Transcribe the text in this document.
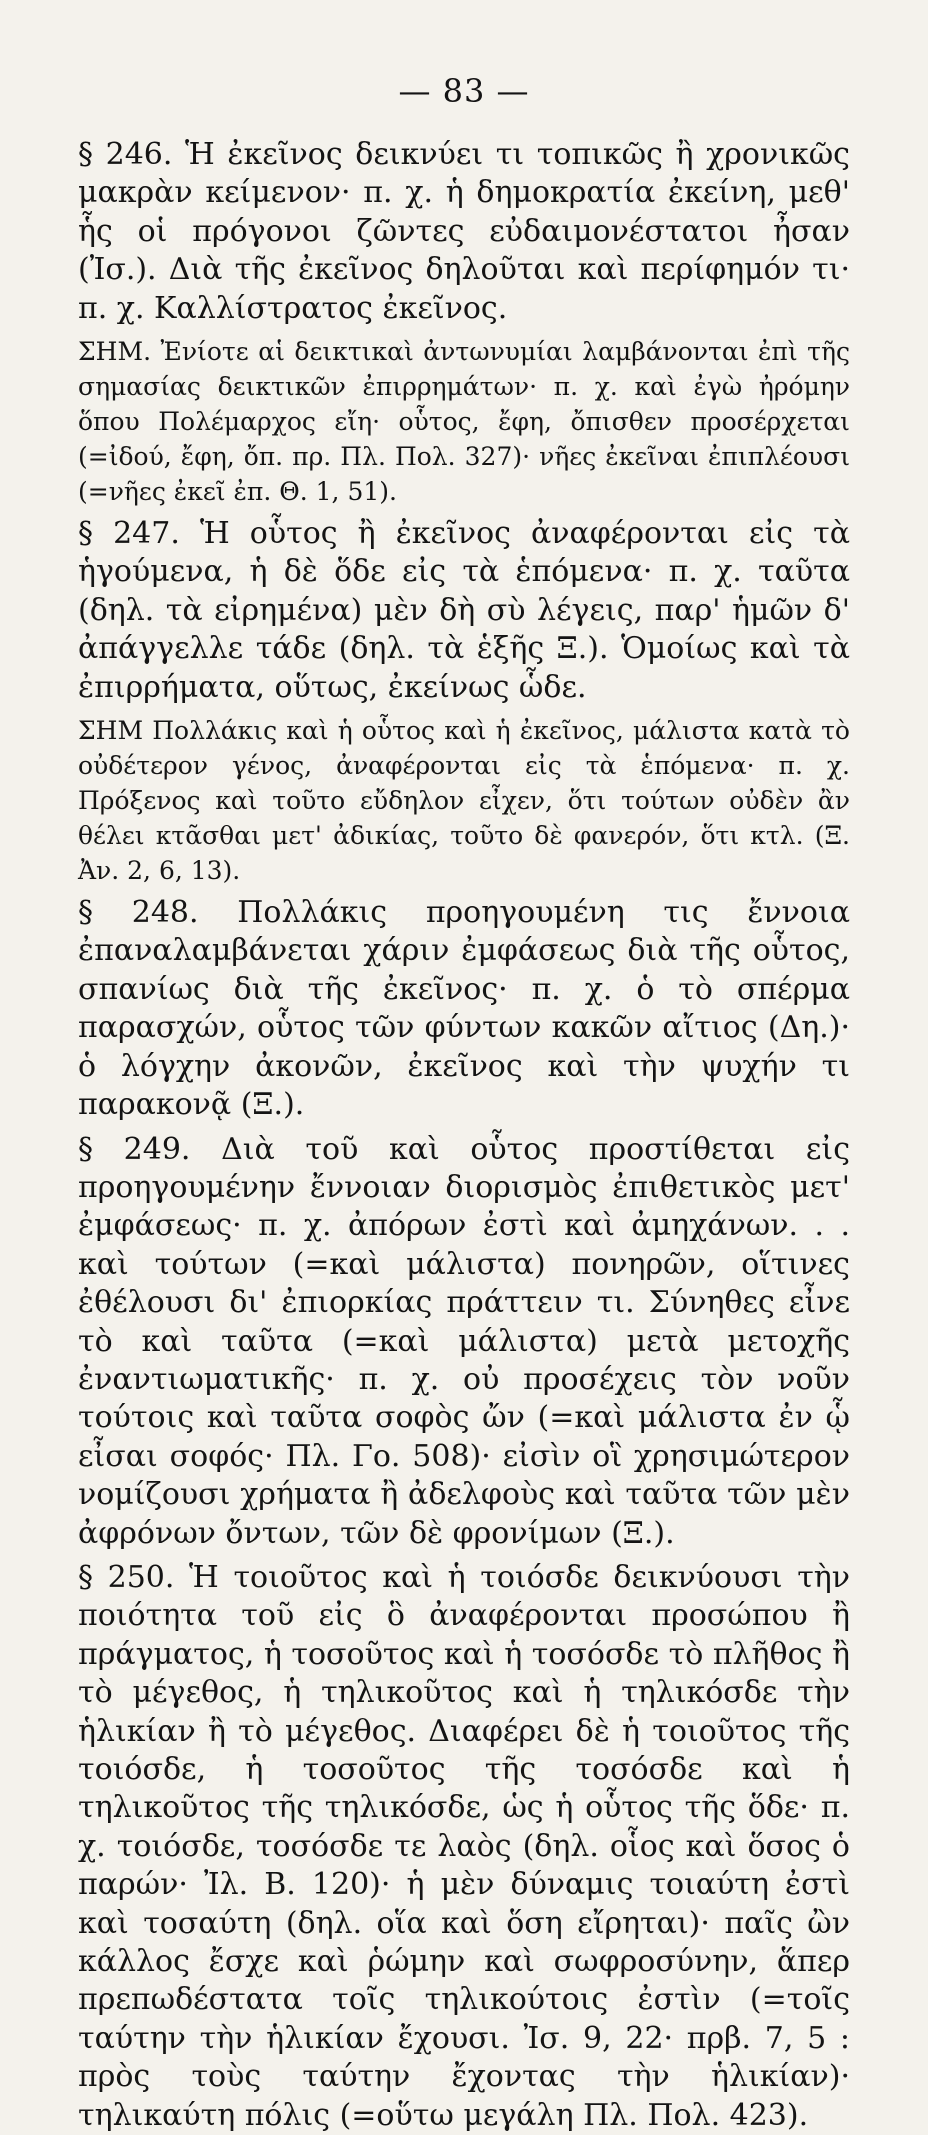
— 83 —

§ 246. Ἡ ἐκεῖνος δεικνύει τι τοπικῶς ἢ χρονικῶς μακρὰν κείμενον· π. χ. ἡ δημοκρατία ἐκείνη, μεθ' ἧς οἱ πρόγονοι ζῶντες εὐδαιμονέστατοι ἦσαν (Ἰσ.). Διὰ τῆς ἐκεῖνος δηλοῦται καὶ περίφημόν τι· π. χ. Καλλίστρατος ἐκεῖνος.

ΣΗΜ. Ἐνίοτε αἱ δεικτικαὶ ἀντωνυμίαι λαμβάνονται ἐπὶ τῆς σημασίας δεικτικῶν ἐπιρρημάτων· π. χ. καὶ ἐγὼ ἠρόμην ὅπου Πολέμαρχος εἴη· οὗτος, ἔφη, ὄπισθεν προσέρχεται (=ἰδού, ἔφη, ὄπ. πρ. Πλ. Πολ. 327)· νῆες ἐκεῖναι ἐπιπλέουσι (=νῆες ἐκεῖ ἐπ. Θ. 1, 51).

§ 247. Ἡ οὗτος ἢ ἐκεῖνος ἀναφέρονται εἰς τὰ ἡγούμενα, ἡ δὲ ὅδε εἰς τὰ ἑπόμενα· π. χ. ταῦτα (δηλ. τὰ εἰρημένα) μὲν δὴ σὺ λέγεις, παρ' ἡμῶν δ' ἀπάγγελλε τάδε (δηλ. τὰ ἑξῆς Ξ.). Ὁμοίως καὶ τὰ ἐπιρρήματα, οὕτως, ἐκείνως ὧδε.

ΣΗΜ Πολλάκις καὶ ἡ οὗτος καὶ ἡ ἐκεῖνος, μάλιστα κατὰ τὸ οὐδέτερον γένος, ἀναφέρονται εἰς τὰ ἑπόμενα· π. χ. Πρόξενος καὶ τοῦτο εὔδηλον εἶχεν, ὅτι τούτων οὐδὲν ἂν θέλει κτᾶσθαι μετ' ἀδικίας, τοῦτο δὲ φανερόν, ὅτι κτλ. (Ξ. Ἀν. 2, 6, 13).

§ 248. Πολλάκις προηγουμένη τις ἔννοια ἐπαναλαμβάνεται χάριν ἐμφάσεως διὰ τῆς οὗτος, σπανίως διὰ τῆς ἐκεῖνος· π. χ. ὁ τὸ σπέρμα παρασχών, οὗτος τῶν φύντων κακῶν αἴτιος (Δη.)· ὁ λόγχην ἀκονῶν, ἐκεῖνος καὶ τὴν ψυχήν τι παρακονᾷ (Ξ.).

§ 249. Διὰ τοῦ καὶ οὗτος προστίθεται εἰς προηγουμένην ἔννοιαν διορισμὸς ἐπιθετικὸς μετ' ἐμφάσεως· π. χ. ἀπόρων ἐστὶ καὶ ἀμηχάνων. . . καὶ τούτων (=καὶ μάλιστα) πονηρῶν, οἵτινες ἐθέλουσι δι' ἐπιορκίας πράττειν τι. Σύνηθες εἶνε τὸ καὶ ταῦτα (=καὶ μάλιστα) μετὰ μετοχῆς ἐναντιωματικῆς· π. χ. οὐ προσέχεις τὸν νοῦν τούτοις καὶ ταῦτα σοφὸς ὤν (=καὶ μάλιστα ἐν ᾧ εἶσαι σοφός· Πλ. Γο. 508)· εἰσὶν οἳ χρησιμώτερον νομίζουσι χρήματα ἢ ἀδελφοὺς καὶ ταῦτα τῶν μὲν ἀφρόνων ὄντων, τῶν δὲ φρονίμων (Ξ.).

§ 250. Ἡ τοιοῦτος καὶ ἡ τοιόσδε δεικνύουσι τὴν ποιότητα τοῦ εἰς ὃ ἀναφέρονται προσώπου ἢ πράγματος, ἡ τοσοῦτος καὶ ἡ τοσόσδε τὸ πλῆθος ἢ τὸ μέγεθος, ἡ τηλικοῦτος καὶ ἡ τηλικόσδε τὴν ἡλικίαν ἢ τὸ μέγεθος. Διαφέρει δὲ ἡ τοιοῦτος τῆς τοιόσδε, ἡ τοσοῦτος τῆς τοσόσδε καὶ ἡ τηλικοῦτος τῆς τηλικόσδε, ὡς ἡ οὗτος τῆς ὅδε· π. χ. τοιόσδε, τοσόσδε τε λαὸς (δηλ. οἷος καὶ ὅσος ὁ παρών· Ἰλ. Β. 120)· ἡ μὲν δύναμις τοιαύτη ἐστὶ καὶ τοσαύτη (δηλ. οἵα καὶ ὅση εἴρηται)· παῖς ὢν κάλλος ἔσχε καὶ ῥώμην καὶ σωφροσύνην, ἅπερ πρεπωδέστατα τοῖς τηλικούτοις ἐστὶν (=τοῖς ταύτην τὴν ἡλικίαν ἔχουσι. Ἰσ. 9, 22· πρβ. 7, 5 : πρὸς τοὺς ταύτην ἔχοντας τὴν ἡλικίαν)· τηλικαύτη πόλις (=οὕτω μεγάλη Πλ. Πολ. 423).
